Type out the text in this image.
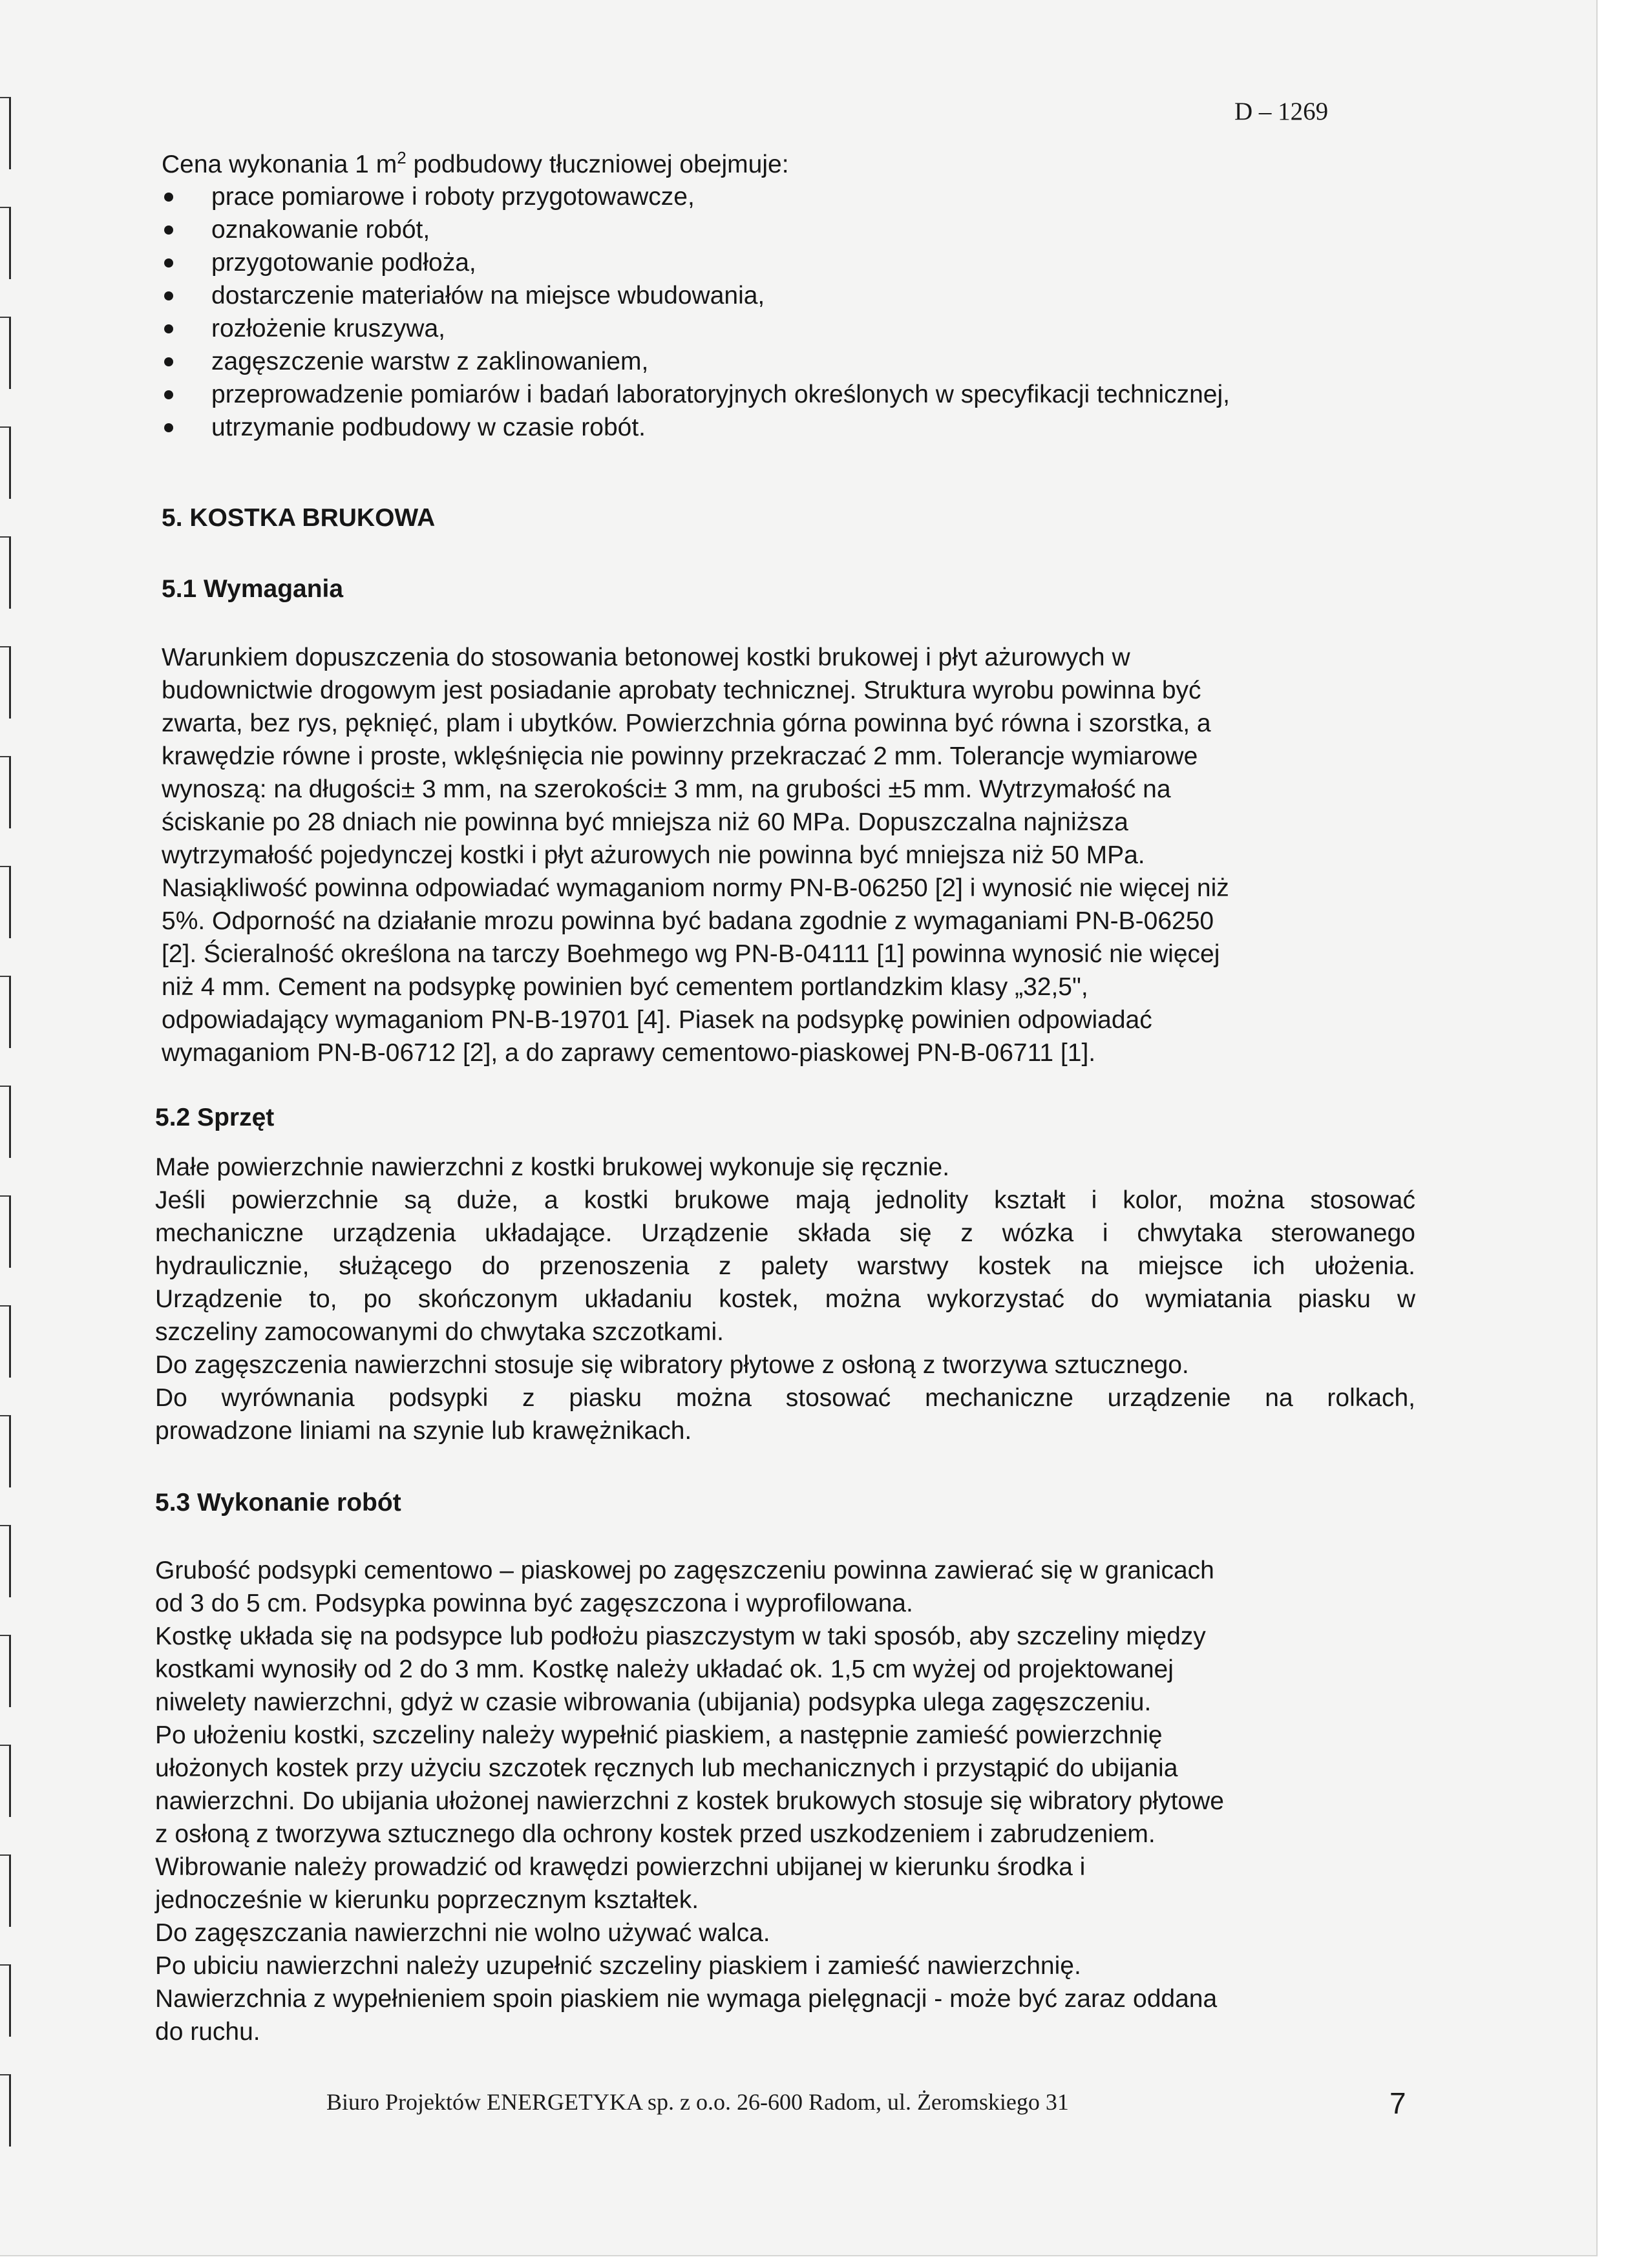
D – 1269
Cena wykonania 1 $m^2$ podbudowy tłuczniowej obejmuje:
prace pomiarowe i roboty przygotowawcze,
oznakowanie robót,
przygotowanie podłoża,
dostarczenie materiałów na miejsce wbudowania,
rozłożenie kruszywa,
zagęszczenie warstw z zaklinowaniem,
przeprowadzenie pomiarów i badań laboratoryjnych określonych w specyfikacji technicznej,
utrzymanie podbudowy w czasie robót.
5. KOSTKA BRUKOWA
5.1 Wymagania
Warunkiem dopuszczenia do stosowania betonowej kostki brukowej i płyt ażurowych w
budownictwie drogowym jest posiadanie aprobaty technicznej. Struktura wyrobu powinna być
zwarta, bez rys, pęknięć, plam i ubytków. Powierzchnia górna powinna być równa i szorstka, a
krawędzie równe i proste, wklęśnięcia nie powinny przekraczać 2 mm. Tolerancje wymiarowe
wynoszą: na długości± 3 mm, na szerokości± 3 mm, na grubości ±5 mm. Wytrzymałość na
ściskanie po 28 dniach nie powinna być mniejsza niż 60 MPa. Dopuszczalna najniższa
wytrzymałość pojedynczej kostki i płyt ażurowych nie powinna być mniejsza niż 50 MPa.
Nasiąkliwość powinna odpowiadać wymaganiom normy PN-B-06250 [2] i wynosić nie więcej niż
5%. Odporność na działanie mrozu powinna być badana zgodnie z wymaganiami PN-B-06250
[2]. Ścieralność określona na tarczy Boehmego wg PN-B-04111 [1] powinna wynosić nie więcej
niż 4 mm. Cement na podsypkę powinien być cementem portlandzkim klasy „32,5",
odpowiadający wymaganiom PN-B-19701 [4]. Piasek na podsypkę powinien odpowiadać
wymaganiom PN-B-06712 [2], a do zaprawy cementowo-piaskowej PN-B-06711 [1].
5.2 Sprzęt
Małe powierzchnie nawierzchni z kostki brukowej wykonuje się ręcznie.
Jeśli powierzchnie są duże, a kostki brukowe mają jednolity kształt i kolor, można stosować
mechaniczne urządzenia układające. Urządzenie składa się z wózka i chwytaka sterowanego
hydraulicznie, służącego do przenoszenia z palety warstwy kostek na miejsce ich ułożenia.
Urządzenie to, po skończonym układaniu kostek, można wykorzystać do wymiatania piasku w
szczeliny zamocowanymi do chwytaka szczotkami.
Do zagęszczenia nawierzchni stosuje się wibratory płytowe z osłoną z tworzywa sztucznego.
Do wyrównania podsypki z piasku można stosować mechaniczne urządzenie na rolkach,
prowadzone liniami na szynie lub krawężnikach.
5.3 Wykonanie robót
Grubość podsypki cementowo – piaskowej po zagęszczeniu powinna zawierać się w granicach
od 3 do 5 cm. Podsypka powinna być zagęszczona i wyprofilowana.
Kostkę układa się na podsypce lub podłożu piaszczystym w taki sposób, aby szczeliny między
kostkami wynosiły od 2 do 3 mm. Kostkę należy układać ok. 1,5 cm wyżej od projektowanej
niwelety nawierzchni, gdyż w czasie wibrowania (ubijania) podsypka ulega zagęszczeniu.
Po ułożeniu kostki, szczeliny należy wypełnić piaskiem, a następnie zamieść powierzchnię
ułożonych kostek przy użyciu szczotek ręcznych lub mechanicznych i przystąpić do ubijania
nawierzchni. Do ubijania ułożonej nawierzchni z kostek brukowych stosuje się wibratory płytowe
z osłoną z tworzywa sztucznego dla ochrony kostek przed uszkodzeniem i zabrudzeniem.
Wibrowanie należy prowadzić od krawędzi powierzchni ubijanej w kierunku środka i
jednocześnie w kierunku poprzecznym kształtek.
Do zagęszczania nawierzchni nie wolno używać walca.
Po ubiciu nawierzchni należy uzupełnić szczeliny piaskiem i zamieść nawierzchnię.
Nawierzchnia z wypełnieniem spoin piaskiem nie wymaga pielęgnacji - może być zaraz oddana
do ruchu.
Biuro Projektów ENERGETYKA sp. z o.o. 26-600 Radom, ul. Żeromskiego 31	7
